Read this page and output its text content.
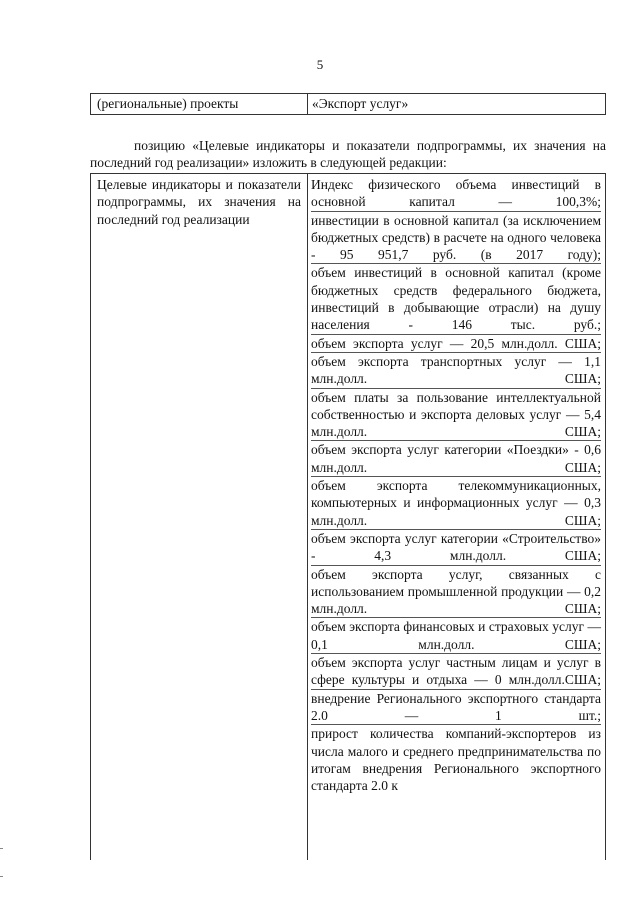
5
(региональные) проекты	«Экспорт услуг»
позицию «Целевые индикаторы и показатели подпрограммы, их значения на последний год реализации» изложить в следующей редакции:
Целевые индикаторы и показатели подпрограммы, их значения на последний год реализации

Индекс физического объема инвестиций в основной капитал — 100,3%;

инвестиции в основной капитал (за исключением бюджетных средств) в расчете на одного человека - 95 951,7 руб. (в 2017 году);

объем инвестиций в основной капитал (кроме бюджетных средств федерального бюджета, инвестиций в добывающие отрасли) на душу населения - 146 тыс. руб.;

объем экспорта услуг — 20,5 млн.долл. США;

объем экспорта транспортных услуг — 1,1 млн.долл. США;

объем платы за пользование интеллектуальной собственностью и экспорта деловых услуг — 5,4 млн.долл. США;

объем экспорта услуг категории «Поездки» - 0,6 млн.долл. США;

объем экспорта телекоммуникационных, компьютерных и информационных услуг — 0,3 млн.долл. США;

объем экспорта услуг категории «Строительство» - 4,3 млн.долл. США;

объем экспорта услуг, связанных с использованием промышленной продукции — 0,2 млн.долл. США;

объем экспорта финансовых и страховых услуг — 0,1 млн.долл. США;

объем экспорта услуг частным лицам и услуг в сфере культуры и отдыха — 0 млн.долл.США;

внедрение Регионального экспортного стандарта 2.0 — 1 шт.;

прирост количества компаний-экспортеров из числа малого и среднего предпринимательства по итогам внедрения Регионального экспортного стандарта 2.0 к
